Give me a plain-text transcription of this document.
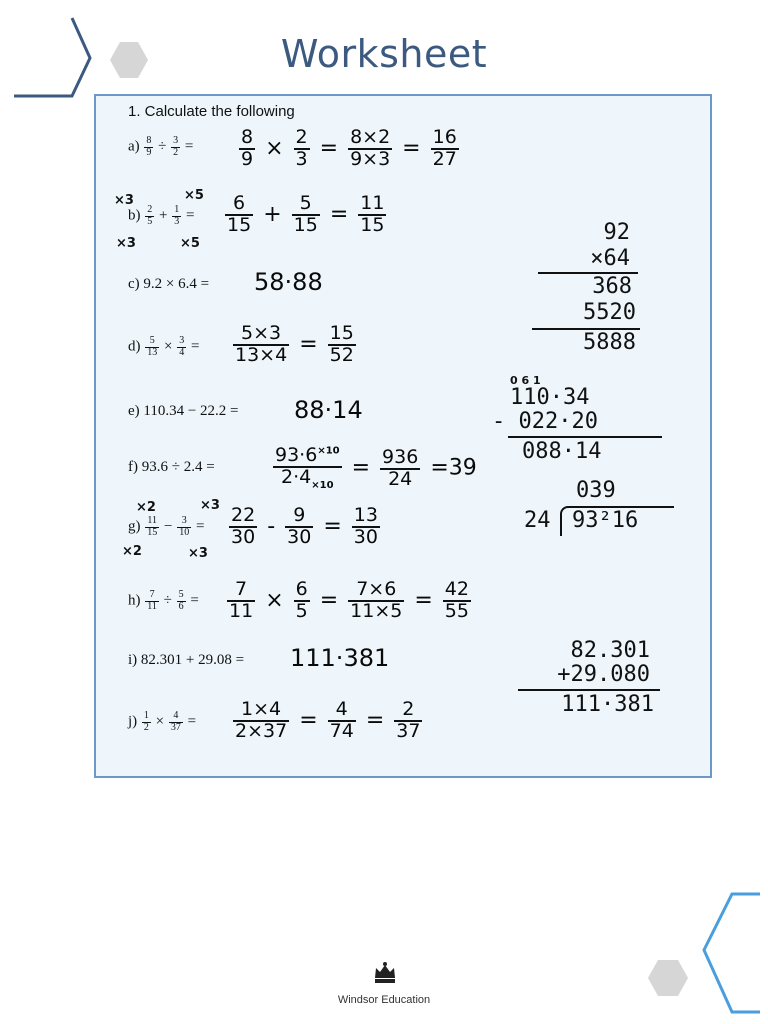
Worksheet
1. Calculate the following
$a) \frac{8}{9} \div \frac{3}{2} = \frac{8}{9} \times \frac{2}{3} = \frac{8\times 2}{9\times 3} = \frac{16}{27}$
×3	×5
×3	×5
$b) \frac{2}{5} + \frac{1}{3} = \frac{6}{15} + \frac{5}{15} = \frac{11}{15}$
c) 9.2 × 6.4 = 58·88
$d) \frac{5}{13} \times \frac{3}{4} = \frac{5\times 3}{13\times 4} = \frac{15}{52}$
e) 110.34 − 22.2 = 88·14
f) 93.6 ÷ 2.4 =	$\frac{93\cdot 6^{\times 10}}{2\cdot 4_{\times 10}} = \frac{936}{24} =39$
×2	×3
×2	×3
$g) \frac{11}{15} - \frac{3}{10} = \frac{22}{30} - \frac{9}{30} = \frac{13}{30}$
$h) \frac{7}{11} \div \frac{5}{6} = \frac{7}{11} \times \frac{6}{5} = \frac{7\times 6}{11\times 5} = \frac{42}{55}$
i) 82.301 + 29.08 = 111·381
$j) \frac{1}{2} \times \frac{4}{37} = \frac{1\times 4}{2\times 37} = \frac{4}{74} = \frac{2}{37}$
92
×64
368
5520
5888
0 6 1
110·34
- 022·20
088·14
039
24 93²16
82.301
+29.080
111·381
Windsor Education
